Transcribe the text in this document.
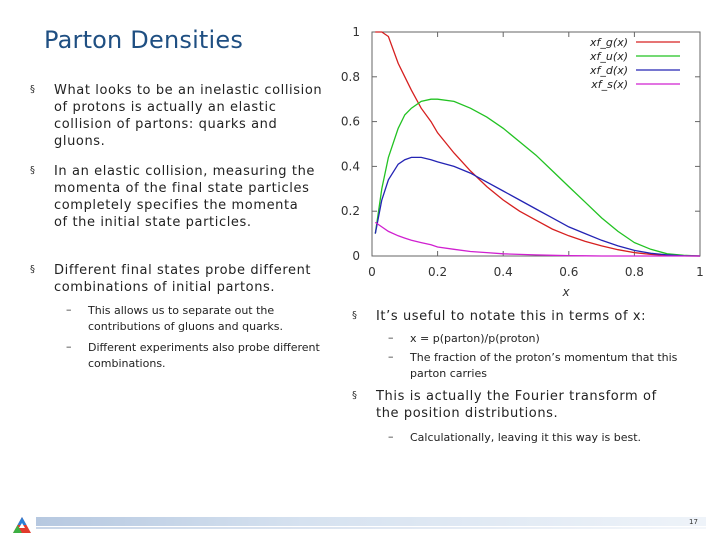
Parton Densities
§ What looks to be an inelastic collision of protons is actually an elastic collision of partons: quarks and gluons.
§ In an elastic collision, measuring the momenta of the final state particles completely specifies the momenta of the initial state particles.
§ Different final states probe different combinations of initial partons.
– This allows us to separate out the contributions of gluons and quarks.
– Different experiments also probe different combinations.
0
0.2
0.4
0.6
0.8
1
0	0.2	0.4	0.6	0.8	1
x
xf_g(x)
xf_u(x)
xf_d(x)
xf_s(x)
§ It’s useful to notate this in terms of x:
– x = p(parton)/p(proton)
– The fraction of the proton’s momentum that this parton carries
§ This is actually the Fourier transform of the position distributions.
– Calculationally, leaving it this way is best.
17
